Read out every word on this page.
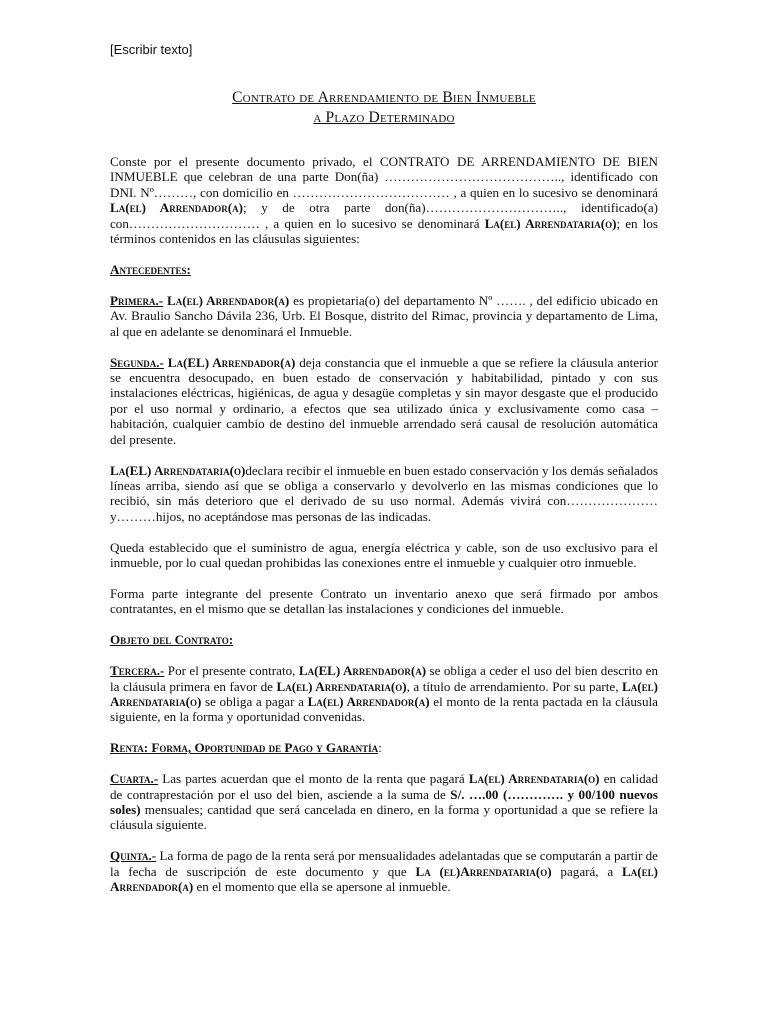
[Escribir texto]
Contrato de Arrendamiento de Bien Inmueble
a Plazo Determinado

Conste por el presente documento privado, el CONTRATO DE ARRENDAMIENTO DE BIEN INMUEBLE que celebran de una parte Don(ña) ………………………………….., identificado con DNI. Nº………, con domicilio en ……………………………… , a quien en lo sucesivo se denominará La(el) Arrendador(a); y de otra parte don(ña)………………………….., identificado(a) con………………………… , a quien en lo sucesivo se denominará La(el) Arrendataria(o); en los términos contenidos en las cláusulas siguientes:

Antecedentes:

Primera.- La(el) Arrendador(a) es propietaria(o) del departamento Nº ……. , del edificio ubicado en Av. Braulio Sancho Dávila 236, Urb. El Bosque, distrito del Rimac, provincia y departamento de Lima, al que en adelante se denominará el Inmueble.

Segunda.- La(EL) Arrendador(a) deja constancia que el inmueble a que se refiere la cláusula anterior se encuentra desocupado, en buen estado de conservación y habitabilidad, pintado y con sus instalaciones eléctricas, higiénicas, de agua y desagüe completas y sin mayor desgaste que el producido por el uso normal y ordinario, a efectos que sea utilizado única y exclusivamente como casa – habitación, cualquier cambio de destino del inmueble arrendado será causal de resolución automática del presente.

La(EL) Arrendataria(o)declara recibir el inmueble en buen estado conservación y los demás señalados líneas arriba, siendo así que se obliga a conservarlo y devolverlo en las mismas condiciones que lo recibió, sin más deterioro que el derivado de su uso normal. Además vivirá con…………………y………hijos, no aceptándose mas personas de las indicadas.

Queda establecido que el suministro de agua, energía eléctrica y cable, son de uso exclusivo para el inmueble, por lo cual quedan prohibidas las conexiones entre el inmueble y cualquier otro inmueble.

Forma parte integrante del presente Contrato un inventario anexo que será firmado por ambos contratantes, en el mismo que se detallan las instalaciones y condiciones del inmueble.

Objeto del Contrato:

Tercera.- Por el presente contrato, La(EL) Arrendador(a) se obliga a ceder el uso del bien descrito en la cláusula primera en favor de La(el) Arrendataria(o), a título de arrendamiento. Por su parte, La(el) Arrendataria(o) se obliga a pagar a La(el) Arrendador(a) el monto de la renta pactada en la cláusula siguiente, en la forma y oportunidad convenidas.

Renta: Forma, Oportunidad de Pago y Garantía:

Cuarta.- Las partes acuerdan que el monto de la renta que pagará La(el) Arrendataria(o) en calidad de contraprestación por el uso del bien, asciende a la suma de S/. ….00 (…………. y 00/100 nuevos soles) mensuales; cantidad que será cancelada en dinero, en la forma y oportunidad a que se refiere la cláusula siguiente.

Quinta.- La forma de pago de la renta será por mensualidades adelantadas que se computarán a partir de la fecha de suscripción de este documento y que La (el)Arrendataria(o) pagará, a La(el) Arrendador(a) en el momento que ella se apersone al inmueble.
